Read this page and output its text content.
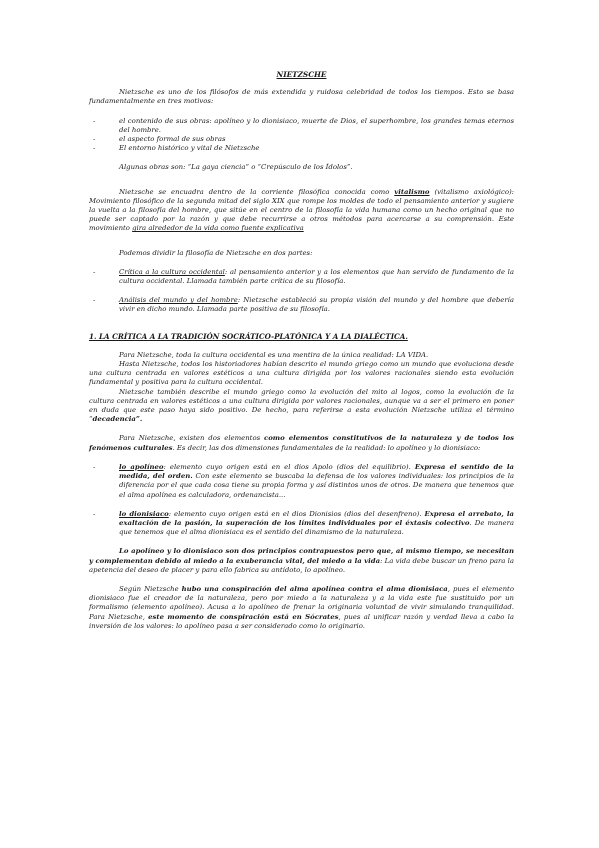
NIETZSCHE

Nietzsche es uno de los filósofos de más extendida y ruidosa celebridad de todos los tiempos. Esto se basa fundamentalmente en tres motivos:

-	el contenido de sus obras: apolíneo y lo dionisiaco, muerte de Dios, el superhombre, los grandes temas eternos del hombre.
-	el aspecto formal de sus obras
-	El entorno histórico y vital de Nietzsche

Algunas obras son: “La gaya ciencia” o “Crepúsculo de los Ídolos”.

Nietzsche se encuadra dentro de la corriente filosófica conocida como vitalismo (vitalismo axiológico): Movimiento filosófico de la segunda mitad del siglo XIX que rompe los moldes de todo el pensamiento anterior y sugiere la vuelta a la filosofía del hombre, que sitúe en el centro de la filosofía la vida humana como un hecho original que no puede ser captado por la razón y que debe recurrirse a otros métodos para acercarse a su comprensión. Este movimiento gira alrededor de la vida como fuente explicativa

Podemos dividir la filosofía de Nietzsche en dos partes:

-	Crítica a la cultura occidental: al pensamiento anterior y a los elementos que han servido de fundamento de la cultura occidental. Llamada también parte crítica de su filosofía.
-	Análisis del mundo y del hombre: Nietzsche estableció su propia visión del mundo y del hombre que debería vivir en dicho mundo. Llamada parte positiva de su filosofía.

1. LA CRÍTICA A LA TRADICIÓN SOCRÁTICO-PLATÓNICA Y A LA DIALÉCTICA.

Para Nietzsche, toda la cultura occidental es una mentira de la única realidad: LA VIDA.

Hasta Nietzsche, todos los historiadores habían descrito el mundo griego como un mundo que evoluciona desde una cultura centrada en valores estéticos a una cultura dirigida por los valores racionales siendo esta evolución fundamental y positiva para la cultura occidental.

Nietzsche también describe el mundo griego como la evolución del mito al logos, como la evolución de la cultura centrada en valores estéticos a una cultura dirigida por valores racionales, aunque va a ser el primero en poner en duda que este paso haya sido positivo. De hecho, para referirse a esta evolución Nietzsche utiliza el término “decadencia”.

Para Nietzsche, existen dos elementos como elementos constitutivos de la naturaleza y de todos los fenómenos culturales. Es decir, las dos dimensiones fundamentales de la realidad: lo apolíneo y lo dionisiaco:

-	lo apolíneo: elemento cuyo origen está en el dios Apolo (dios del equilibrio). Expresa el sentido de la medida, del orden. Con este elemento se buscaba la defensa de los valores individuales: los principios de la diferencia por el que cada cosa tiene su propia forma y así distintos unos de otros. De manera que tenemos que el alma apolínea es calculadora, ordenancista...
-	lo dionisiaco: elemento cuyo origen está en el dios Dionisios (dios del desenfreno). Expresa el arrebato, la exaltación de la pasión, la superación de los límites individuales por el éxtasis colectivo. De manera que tenemos que el alma dionisiaca es el sentido del dinamismo de la naturaleza.

Lo apolíneo y lo dionisiaco son dos principios contrapuestos pero que, al mismo tiempo, se necesitan y complementan debido al miedo a la exuberancia vital, del miedo a la vida: La vida debe buscar un freno para la apetencia del deseo de placer y para ello fabrica su antídoto, lo apolíneo.

Según Nietzsche hubo una conspiración del alma apolínea contra el alma dionisiaca, pues el elemento dionisiaco fue el creador de la naturaleza, pero por miedo a la naturaleza y a la vida este fue sustituido por un formalismo (elemento apolíneo). Acusa a lo apolíneo de frenar la originaria voluntad de vivir simulando tranquilidad. Para Nietzsche, este momento de conspiración está en Sócrates, pues al unificar razón y verdad lleva a cabo la inversión de los valores: lo apolíneo pasa a ser considerado como lo originario.
